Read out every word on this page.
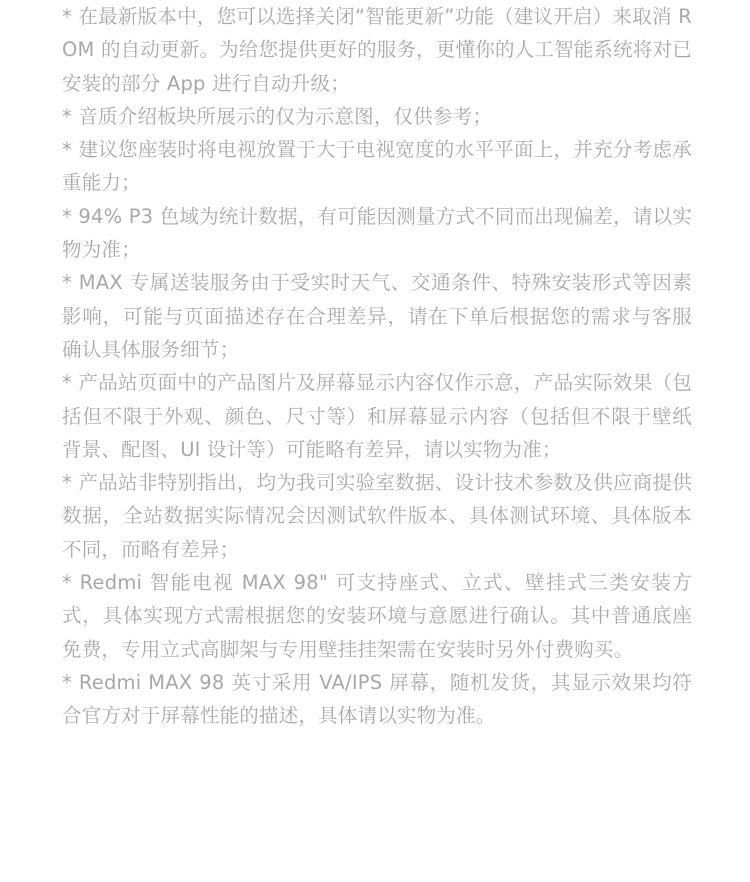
* 在最新版本中，您可以选择关闭“智能更新”功能（建议开启）来取消 ROM 的自动更新。为给您提供更好的服务，更懂你的人工智能系统将对已安装的部分 App 进行自动升级；
* 音质介绍板块所展示的仅为示意图，仅供参考；
* 建议您座装时将电视放置于大于电视宽度的水平平面上，并充分考虑承重能力；
* 94% P3 色域为统计数据，有可能因测量方式不同而出现偏差，请以实物为准；
* MAX 专属送装服务由于受实时天气、交通条件、特殊安装形式等因素影响，可能与页面描述存在合理差异，请在下单后根据您的需求与客服确认具体服务细节；
* 产品站页面中的产品图片及屏幕显示内容仅作示意，产品实际效果（包括但不限于外观、颜色、尺寸等）和屏幕显示内容（包括但不限于壁纸背景、配图、UI 设计等）可能略有差异，请以实物为准；
* 产品站非特别指出，均为我司实验室数据、设计技术参数及供应商提供数据，全站数据实际情况会因测试软件版本、具体测试环境、具体版本不同，而略有差异；
* Redmi 智能电视 MAX 98" 可支持座式、立式、壁挂式三类安装方式，具体实现方式需根据您的安装环境与意愿进行确认。其中普通底座免费，专用立式高脚架与专用壁挂挂架需在安装时另外付费购买。
* Redmi MAX 98 英寸采用 VA/IPS 屏幕，随机发货，其显示效果均符合官方对于屏幕性能的描述，具体请以实物为准。
